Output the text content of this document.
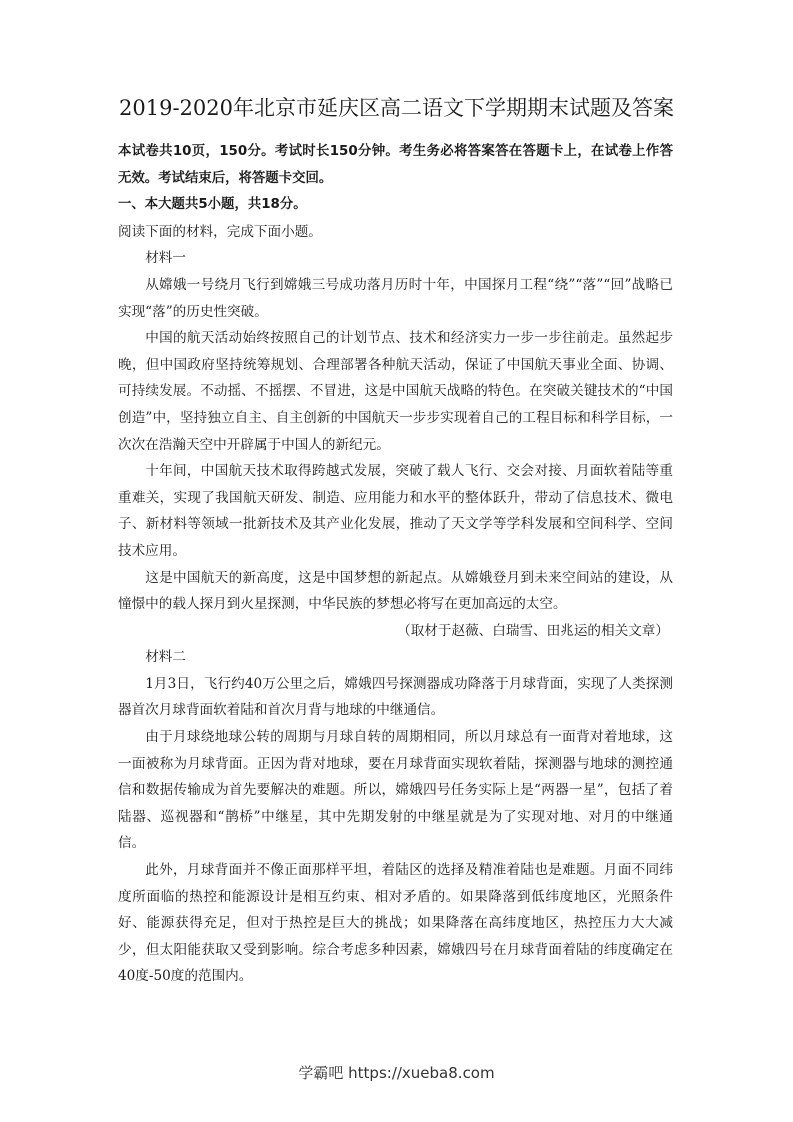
2019-2020年北京市延庆区高二语文下学期期末试题及答案

本试卷共10页，150分。考试时长150分钟。考生务必将答案答在答题卡上，在试卷上作答无效。考试结束后，将答题卡交回。

一、本大题共5小题，共18分。

阅读下面的材料，完成下面小题。

材料一

从嫦娥一号绕月飞行到嫦娥三号成功落月历时十年，中国探月工程“绕”“落”“回”战略已实现“落”的历史性突破。

中国的航天活动始终按照自己的计划节点、技术和经济实力一步一步往前走。虽然起步晚，但中国政府坚持统筹规划、合理部署各种航天活动，保证了中国航天事业全面、协调、可持续发展。不动摇、不摇摆、不冒进，这是中国航天战略的特色。在突破关键技术的“中国创造”中，坚持独立自主、自主创新的中国航天一步步实现着自己的工程目标和科学目标，一次次在浩瀚天空中开辟属于中国人的新纪元。

十年间，中国航天技术取得跨越式发展，突破了载人飞行、交会对接、月面软着陆等重重难关，实现了我国航天研发、制造、应用能力和水平的整体跃升，带动了信息技术、微电子、新材料等领域一批新技术及其产业化发展，推动了天文学等学科发展和空间科学、空间技术应用。

这是中国航天的新高度，这是中国梦想的新起点。从嫦娥登月到未来空间站的建设，从憧憬中的载人探月到火星探测，中华民族的梦想必将写在更加高远的太空。

（取材于赵薇、白瑞雪、田兆运的相关文章）

材料二

1月3日，飞行约40万公里之后，嫦娥四号探测器成功降落于月球背面，实现了人类探测器首次月球背面软着陆和首次月背与地球的中继通信。

由于月球绕地球公转的周期与月球自转的周期相同，所以月球总有一面背对着地球，这一面被称为月球背面。正因为背对地球，要在月球背面实现软着陆，探测器与地球的测控通信和数据传输成为首先要解决的难题。所以，嫦娥四号任务实际上是“两器一星”，包括了着陆器、巡视器和“鹊桥”中继星，其中先期发射的中继星就是为了实现对地、对月的中继通信。

此外，月球背面并不像正面那样平坦，着陆区的选择及精准着陆也是难题。月面不同纬度所面临的热控和能源设计是相互约束、相对矛盾的。如果降落到低纬度地区，光照条件好、能源获得充足，但对于热控是巨大的挑战；如果降落在高纬度地区，热控压力大大减少，但太阳能获取又受到影响。综合考虑多种因素，嫦娥四号在月球背面着陆的纬度确定在40度-50度的范围内。

学霸吧 https://xueba8.com
